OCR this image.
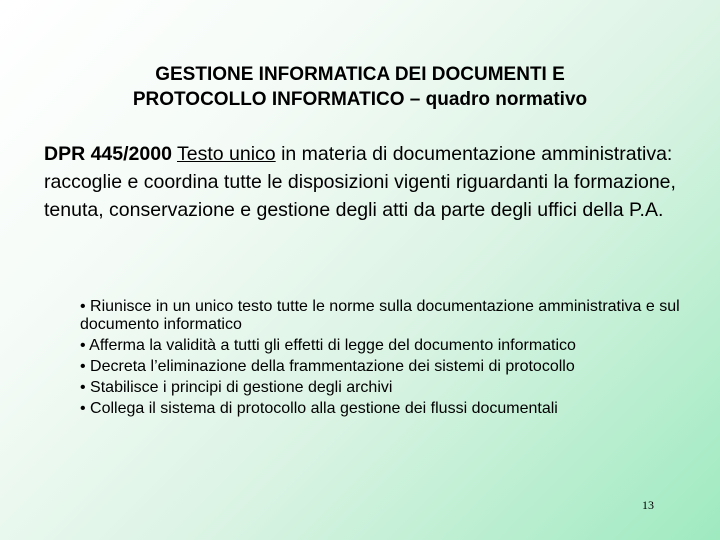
GESTIONE INFORMATICA DEI DOCUMENTI E
PROTOCOLLO INFORMATICO – quadro normativo
DPR 445/2000 Testo unico in materia di documentazione amministrativa: raccoglie e coordina tutte le disposizioni vigenti riguardanti la formazione, tenuta, conservazione e gestione degli atti da parte degli uffici della P.A.
• Riunisce in un unico testo tutte le norme sulla documentazione amministrativa e sul documento informatico
• Afferma la validità a tutti gli effetti di legge del documento informatico
• Decreta l’eliminazione della frammentazione dei sistemi di protocollo
• Stabilisce i principi di gestione degli archivi
• Collega il sistema di protocollo alla gestione dei flussi documentali
13
